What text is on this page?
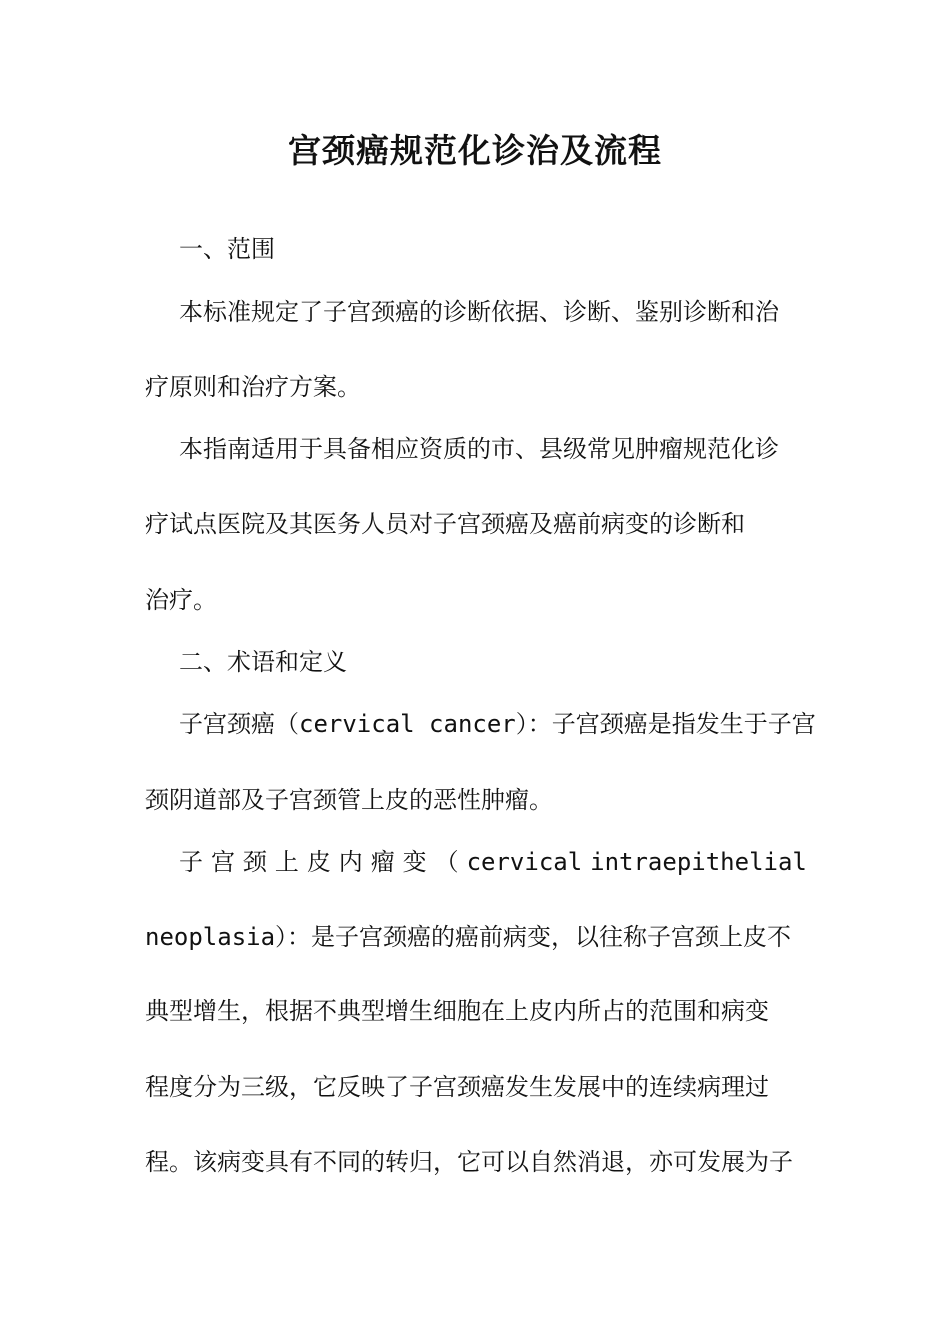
宫颈癌规范化诊治及流程
一、范围
本标准规定了子宫颈癌的诊断依据、诊断、鉴别诊断和治
疗原则和治疗方案。
本指南适用于具备相应资质的市、县级常见肿瘤规范化诊
疗试点医院及其医务人员对子宫颈癌及癌前病变的诊断和
治疗。
二、术语和定义
子宫颈癌（cervical cancer）：子宫颈癌是指发生于子宫
颈阴道部及子宫颈管上皮的恶性肿瘤。
子 宫 颈 上 皮 内 瘤 变 （ cervical intraepithelial
neoplasia）：是子宫颈癌的癌前病变，以往称子宫颈上皮不
典型增生，根据不典型增生细胞在上皮内所占的范围和病变
程度分为三级，它反映了子宫颈癌发生发展中的连续病理过
程。该病变具有不同的转归，它可以自然消退，亦可发展为子
